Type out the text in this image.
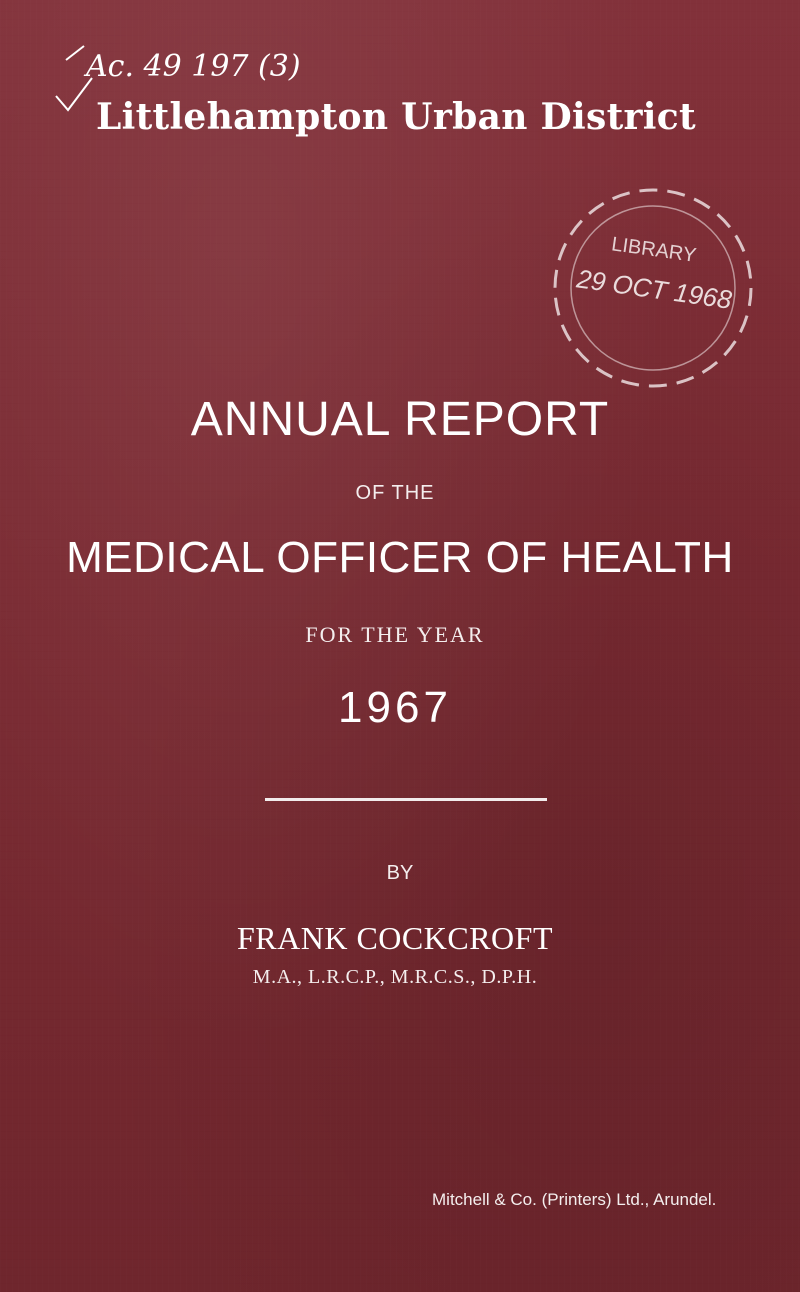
Ac. 49 197 (3)
Littlehampton Urban District
LIBRARY
29 OCT 1968
ANNUAL REPORT
OF THE
MEDICAL OFFICER OF HEALTH
FOR THE YEAR
1967
BY
FRANK COCKCROFT
M.A., L.R.C.P., M.R.C.S., D.P.H.
Mitchell & Co. (Printers) Ltd., Arundel.
